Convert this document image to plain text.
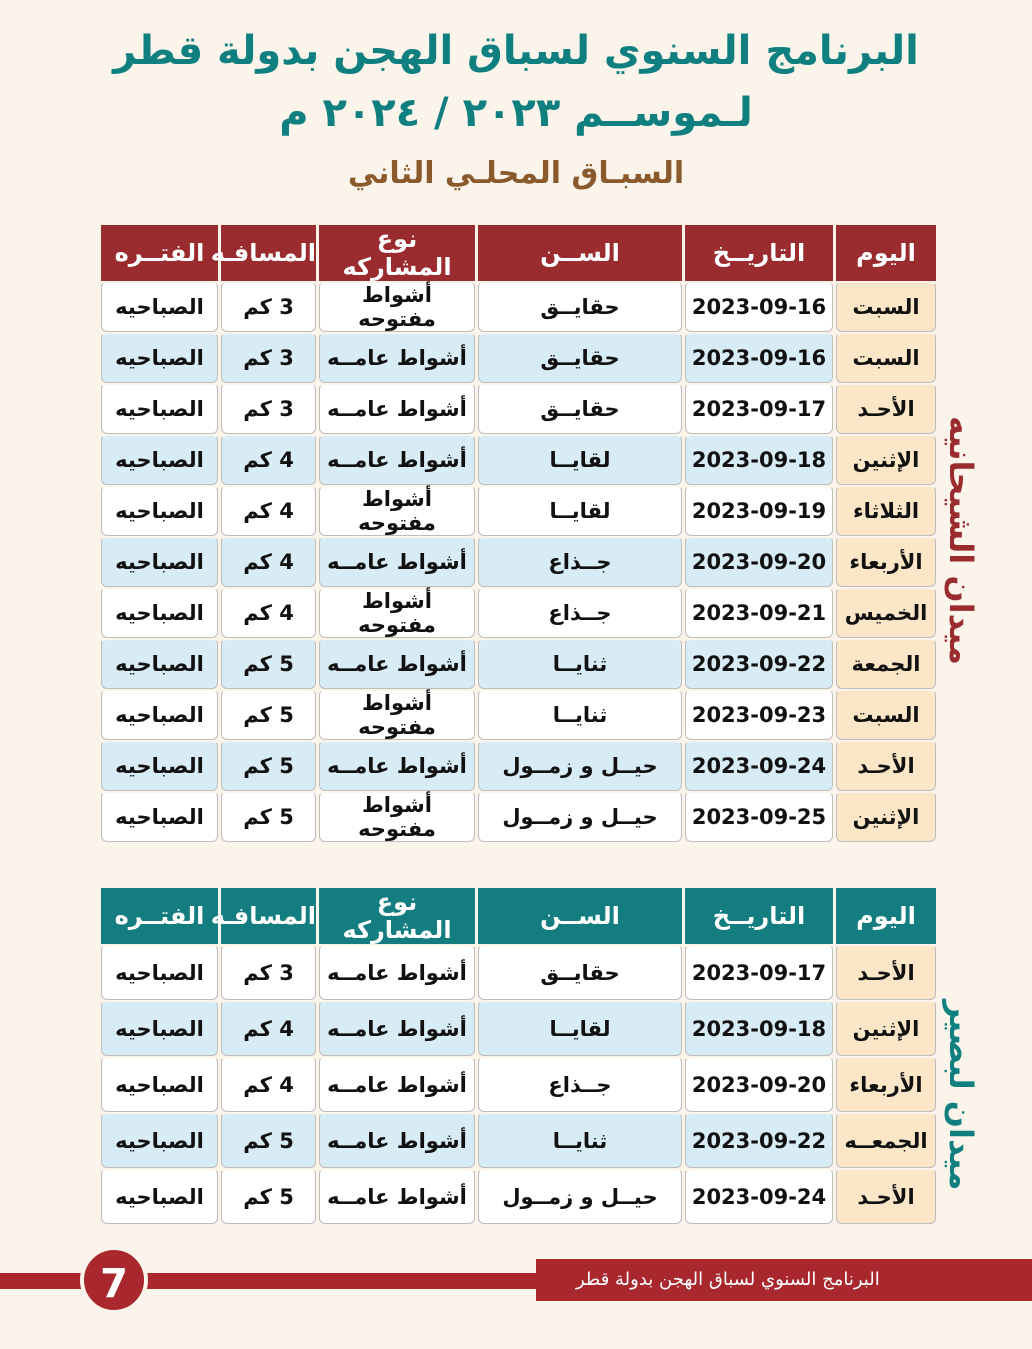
البرنامج السنوي لسباق الهجن بدولة قطر
لـموســم ٢٠٢٣ / ٢٠٢٤ م
السبـاق المحلـي الثاني
اليوم	التاريــخ	الســن	نوع المشاركه	المسافـه	الفتــره
السبت	2023-09-16	حقايــق	أشواط مفتوحه	3 كم	الصباحيه
السبت	2023-09-16	حقايــق	أشواط عامــه	3 كم	الصباحيه
الأحـد	2023-09-17	حقايــق	أشواط عامــه	3 كم	الصباحيه
الإثنين	2023-09-18	لقايــا	أشواط عامــه	4 كم	الصباحيه
الثلاثاء	2023-09-19	لقايــا	أشواط مفتوحه	4 كم	الصباحيه
الأربعاء	2023-09-20	جــذاع	أشواط عامــه	4 كم	الصباحيه
الخميس	2023-09-21	جــذاع	أشواط مفتوحه	4 كم	الصباحيه
الجمعة	2023-09-22	ثنايــا	أشواط عامــه	5 كم	الصباحيه
السبت	2023-09-23	ثنايــا	أشواط مفتوحه	5 كم	الصباحيه
الأحـد	2023-09-24	حيــل و زمــول	أشواط عامــه	5 كم	الصباحيه
الإثنين	2023-09-25	حيــل و زمــول	أشواط مفتوحه	5 كم	الصباحيه
ميدان الشيحانيه
اليوم	التاريــخ	الســن	نوع المشاركه	المسافـه	الفتــره
الأحـد	2023-09-17	حقايــق	أشواط عامــه	3 كم	الصباحيه
الإثنين	2023-09-18	لقايــا	أشواط عامــه	4 كم	الصباحيه
الأربعاء	2023-09-20	جــذاع	أشواط عامــه	4 كم	الصباحيه
الجمعــه	2023-09-22	ثنايــا	أشواط عامــه	5 كم	الصباحيه
الأحـد	2023-09-24	حيــل و زمــول	أشواط عامــه	5 كم	الصباحيه
ميدان لبصير
البرنامج السنوي لسباق الهجن بدولة قطر
7
